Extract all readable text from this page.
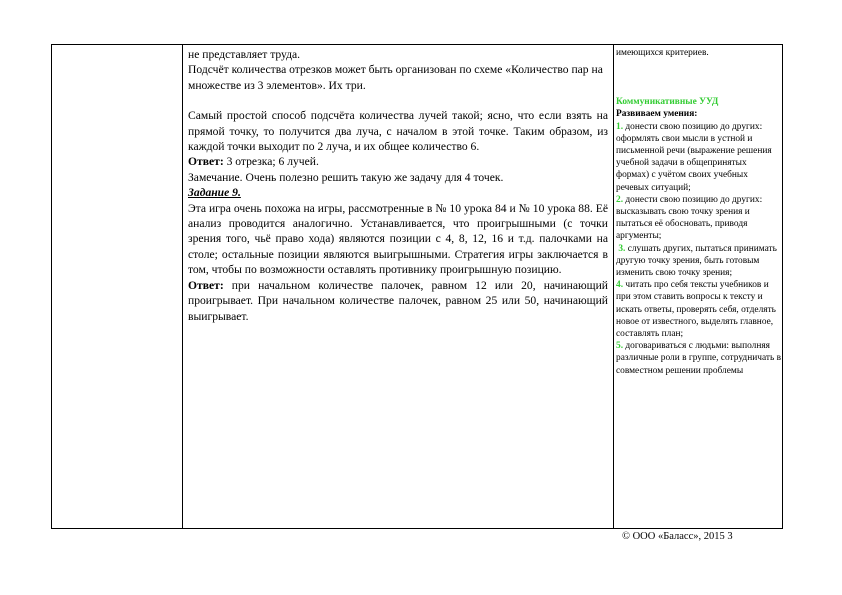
не представляет труда.

Подсчёт количества отрезков может быть организован по схеме «Количество пар на множестве из 3 элементов». Их три.

Самый простой способ подсчёта количества лучей такой; ясно, что если взять на прямой точку, то получится два луча, с началом в этой точке. Таким образом, из каждой точки выходит по 2 луча, и их общее количество 6.

Ответ: 3 отрезка; 6 лучей.

Замечание. Очень полезно решить такую же задачу для 4 точек.

Задание 9.

Эта игра очень похожа на игры, рассмотренные в № 10 урока 84 и № 10 урока 88. Её анализ проводится аналогично. Устанавливается, что проигрышными (с точки зрения того, чьё право хода) являются позиции с 4, 8, 12, 16 и т.д. палочками на столе; остальные позиции являются выигрышными. Стратегия игры заключается в том, чтобы по возможности оставлять противнику проигрышную позицию.

Ответ: при начальном количестве палочек, равном 12 или 20, начинающий проигрывает. При начальном количестве палочек, равном 25 или 50, начинающий выигрывает.

имеющихся критериев.

Коммуникативные УУД

Развиваем умения:

1. донести свою позицию до других: оформлять свои мысли в устной и письменной речи (выражение решения учебной задачи в общепринятых формах) с учётом своих учебных речевых ситуаций;

2. донести свою позицию до других: высказывать свою точку зрения и пытаться её обосновать, приводя аргументы;

3. слушать других, пытаться принимать другую точку зрения, быть готовым изменить свою точку зрения;

4. читать про себя тексты учебников и при этом ставить вопросы к тексту и искать ответы, проверять себя, отделять новое от известного, выделять главное, составлять план;

5. договариваться с людьми: выполняя различные роли в группе, сотрудничать в совместном решении проблемы

© ООО «Баласс», 2015 3
